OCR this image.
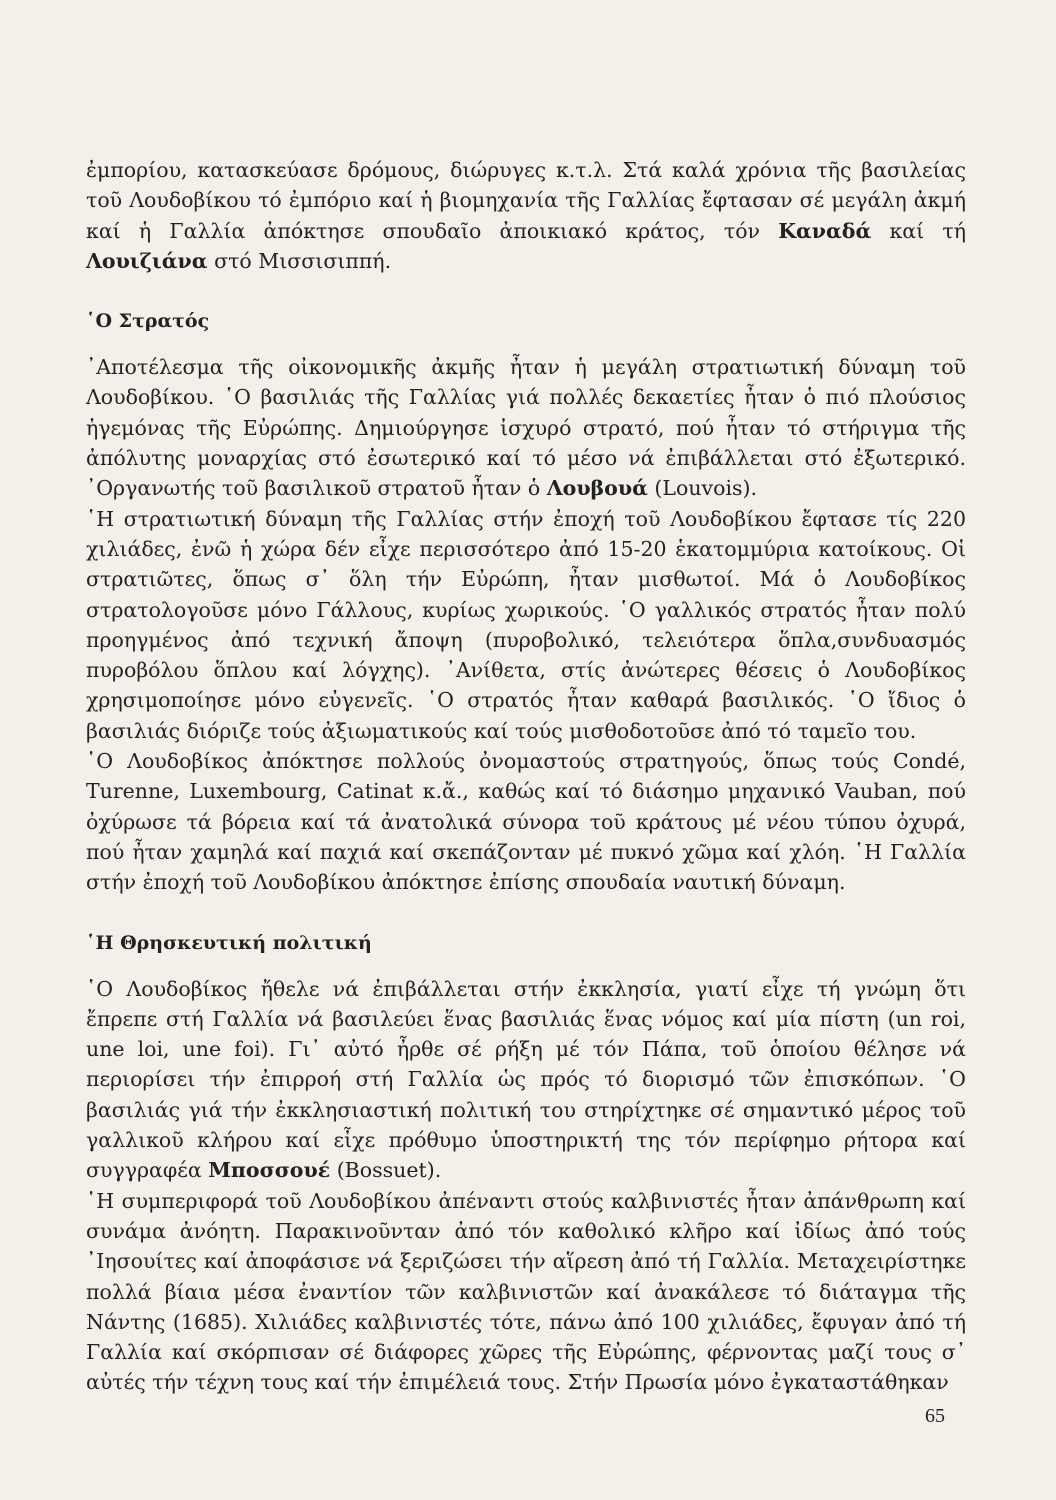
ἐμπορίου, κατασκεύασε δρόμους, διώρυγες κ.τ.λ. Στά καλά χρόνια τῆς βασιλείας τοῦ Λουδοβίκου τό ἐμπόριο καί ἡ βιομηχανία τῆς Γαλλίας ἔφτασαν σέ μεγάλη ἀκμή καί ἡ Γαλλία ἀπόκτησε σπουδαῖο ἀποικιακό κράτος, τόν Καναδά καί τή Λουιζιάνα στό Μισσισιππή.

῾Ο Στρατός

᾿Αποτέλεσμα τῆς οἰκονομικῆς ἀκμῆς ἦταν ἡ μεγάλη στρατιωτική δύναμη τοῦ Λουδοβίκου. ῾Ο βασιλιάς τῆς Γαλλίας γιά πολλές δεκαετίες ἦταν ὁ πιό πλούσιος ἡγεμόνας τῆς Εὐρώπης. Δημιούργησε ἰσχυρό στρατό, πού ἦταν τό στήριγμα τῆς ἀπόλυτης μοναρχίας στό ἐσωτερικό καί τό μέσο νά ἐπιβάλλεται στό ἐξωτερικό. ᾿Οργανωτής τοῦ βασιλικοῦ στρατοῦ ἦταν ὁ Λουβουά (Louvois).

῾Η στρατιωτική δύναμη τῆς Γαλλίας στήν ἐποχή τοῦ Λουδοβίκου ἔφτασε τίς 220 χιλιάδες, ἐνῶ ἡ χώρα δέν εἶχε περισσότερο ἀπό 15-20 ἑκατομμύρια κατοίκους. Οἱ στρατιῶτες, ὅπως σ᾿ ὅλη τήν Εὐρώπη, ἦταν μισθωτοί. Μά ὁ Λουδοβίκος στρατολογοῦσε μόνο Γάλλους, κυρίως χωρικούς. ῾Ο γαλλικός στρατός ἦταν πολύ προηγμένος ἀπό τεχνική ἄποψη (πυροβολικό, τελειότερα ὅπλα,συνδυασμός πυροβόλου ὅπλου καί λόγχης). ᾿Ανίθετα, στίς ἀνώτερες θέσεις ὁ Λουδοβίκος χρησιμοποίησε μόνο εὐγενεῖς. ῾Ο στρατός ἦταν καθαρά βασιλικός. ῾Ο ἴδιος ὁ βασιλιάς διόριζε τούς ἀξιωματικούς καί τούς μισθοδοτοῦσε ἀπό τό ταμεῖο του.

῾Ο Λουδοβίκος ἀπόκτησε πολλούς ὀνομαστούς στρατηγούς, ὅπως τούς Condé, Turenne, Luxembourg, Catinat κ.ἄ., καθώς καί τό διάσημο μηχανικό Vauban, πού ὀχύρωσε τά βόρεια καί τά ἀνατολικά σύνορα τοῦ κράτους μέ νέου τύπου ὀχυρά, πού ἦταν χαμηλά καί παχιά καί σκεπάζονταν μέ πυκνό χῶμα καί χλόη. ῾Η Γαλλία στήν ἐποχή τοῦ Λουδοβίκου ἀπόκτησε ἐπίσης σπουδαία ναυτική δύναμη.

῾Η Θρησκευτική πολιτική

῾Ο Λουδοβίκος ἤθελε νά ἐπιβάλλεται στήν ἐκκλησία, γιατί εἶχε τή γνώμη ὅτι ἔπρεπε στή Γαλλία νά βασιλεύει ἕνας βασιλιάς ἕνας νόμος καί μία πίστη (un roi, une loi, une foi). Γι᾿ αὐτό ἦρθε σέ ρήξη μέ τόν Πάπα, τοῦ ὁποίου θέλησε νά περιορίσει τήν ἐπιρροή στή Γαλλία ὡς πρός τό διορισμό τῶν ἐπισκόπων. ῾Ο βασιλιάς γιά τήν ἐκκλησιαστική πολιτική του στηρίχτηκε σέ σημαντικό μέρος τοῦ γαλλικοῦ κλήρου καί εἶχε πρόθυμο ὑποστηρικτή της τόν περίφημο ρήτορα καί συγγραφέα Μποσσουέ (Bossuet).

῾Η συμπεριφορά τοῦ Λουδοβίκου ἀπέναντι στούς καλβινιστές ἦταν ἀπάνθρωπη καί συνάμα ἀνόητη. Παρακινοῦνταν ἀπό τόν καθολικό κλῆρο καί ἰδίως ἀπό τούς ᾿Ιησουίτες καί ἀποφάσισε νά ξεριζώσει τήν αἵρεση ἀπό τή Γαλλία. Μεταχειρίστηκε πολλά βίαια μέσα ἐναντίον τῶν καλβινιστῶν καί ἀνακάλεσε τό διάταγμα τῆς Νάντης (1685). Χιλιάδες καλβινιστές τότε, πάνω ἀπό 100 χιλιάδες, ἔφυγαν ἀπό τή Γαλλία καί σκόρπισαν σέ διάφορες χῶρες τῆς Εὐρώπης, φέρνοντας μαζί τους σ᾿ αὐτές τήν τέχνη τους καί τήν ἐπιμέλειά τους. Στήν Πρωσία μόνο ἐγκαταστάθηκαν

65
